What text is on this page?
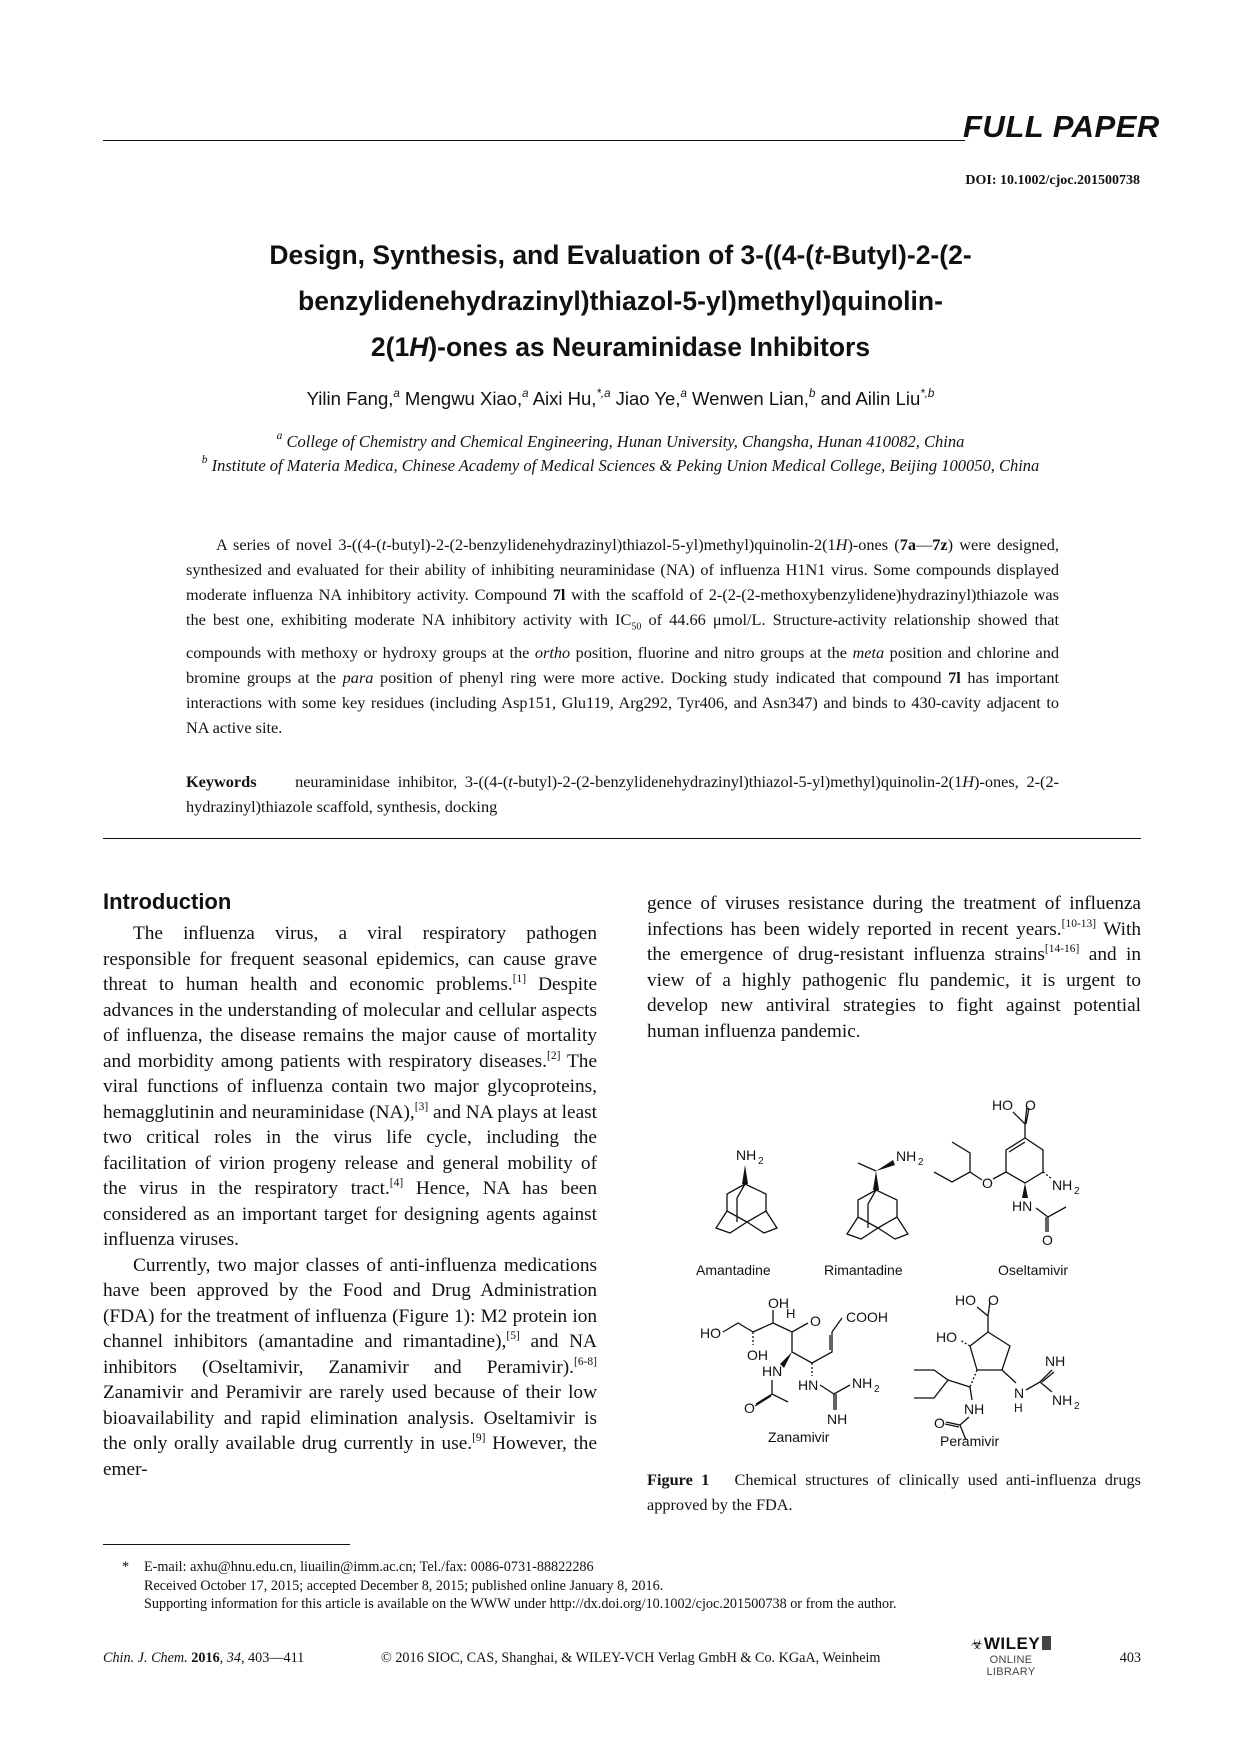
FULL PAPER
DOI: 10.1002/cjoc.201500738
Design, Synthesis, and Evaluation of 3-((4-(t-Butyl)-2-(2-
benzylidenehydrazinyl)thiazol-5-yl)methyl)quinolin-
2(1H)-ones as Neuraminidase Inhibitors
Yilin Fang,$^a$ Mengwu Xiao,$^a$ Aixi Hu,$^{*,a}$ Jiao Ye,$^a$ Wenwen Lian,$^b$ and Ailin Liu$^{*,b}$
$^a$ College of Chemistry and Chemical Engineering, Hunan University, Changsha, Hunan 410082, China
$^b$ Institute of Materia Medica, Chinese Academy of Medical Sciences & Peking Union Medical College, Beijing 100050, China

A series of novel 3-((4-(t-butyl)-2-(2-benzylidenehydrazinyl)thiazol-5-yl)methyl)quinolin-2(1H)-ones (7a—7z) were designed, synthesized and evaluated for their ability of inhibiting neuraminidase (NA) of influenza H1N1 virus. Some compounds displayed moderate influenza NA inhibitory activity. Compound 7l with the scaffold of 2-(2-(2-methoxybenzylidene)hydrazinyl)thiazole was the best one, exhibiting moderate NA inhibitory activity with $IC_{50}$ of 44.66 μmol/L. Structure-activity relationship showed that compounds with methoxy or hydroxy groups at the ortho position, fluorine and nitro groups at the meta position and chlorine and bromine groups at the para position of phenyl ring were more active. Docking study indicated that compound 7l has important interactions with some key residues (including Asp151, Glu119, Arg292, Tyr406, and Asn347) and binds to 430-cavity adjacent to NA active site.

Keywords neuraminidase inhibitor, 3-((4-(t-butyl)-2-(2-benzylidenehydrazinyl)thiazol-5-yl)methyl)quinolin-2(1H)-ones, 2-(2-hydrazinyl)thiazole scaffold, synthesis, docking
Introduction

The influenza virus, a viral respiratory pathogen responsible for frequent seasonal epidemics, can cause grave threat to human health and economic problems.[1] Despite advances in the understanding of molecular and cellular aspects of influenza, the disease remains the major cause of mortality and morbidity among patients with respiratory diseases.[2] The viral functions of influenza contain two major glycoproteins, hemagglutinin and neuraminidase (NA),[3] and NA plays at least two critical roles in the virus life cycle, including the facilitation of virion progeny release and general mobility of the virus in the respiratory tract.[4] Hence, NA has been considered as an important target for designing agents against influenza viruses.

Currently, two major classes of anti-influenza medications have been approved by the Food and Drug Administration (FDA) for the treatment of influenza (Figure 1): M2 protein ion channel inhibitors (amantadine and rimantadine),[5] and NA inhibitors (Oseltamivir, Zanamivir and Peramivir).[6-8] Zanamivir and Peramivir are rarely used because of their low bioavailability and rapid elimination analysis. Oseltamivir is the only orally available drug currently in use.[9] However, the emer-

gence of viruses resistance during the treatment of influenza infections has been widely reported in recent years.[10-13] With the emergence of drug-resistant influenza strains[14-16] and in view of a highly pathogenic flu pandemic, it is urgent to develop new antiviral strategies to fight against potential human influenza pandemic.

NH 2	NH 2
HO O
O	NH 2
HN
O
Amantadine	Rimantadine	Oseltamivir
OH
H O COOH
HO
OH
HN
O
HN NH 2
NH
Zanamivir
HO O
HO
N
H
NH
NH 2
NH
O
Peramivir
Figure 1 Chemical structures of clinically used anti-influenza drugs approved by the FDA.
*	E-mail: axhu@hnu.edu.cn, liuailin@imm.ac.cn; Tel./fax: 0086-0731-88822286
Received October 17, 2015; accepted December 8, 2015; published online January 8, 2016.
Supporting information for this article is available on the WWW under http://dx.doi.org/10.1002/cjoc.201500738 or from the author.
Chin. J. Chem. 2016, 34, 403—411	© 2016 SIOC, CAS, Shanghai, & WILEY-VCH Verlag GmbH & Co. KGaA, Weinheim
☣WILEY
ONLINE LIBRARY
403
